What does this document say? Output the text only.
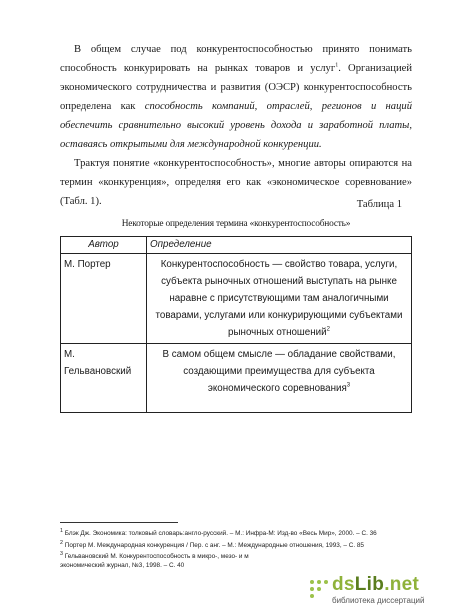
В общем случае под конкурентоспособностью принято понимать способность конкурировать на рынках товаров и услуг$^1$. Организацией экономического сотрудничества и развития (ОЭСР) конкурентоспособность определена как способность компаний, отраслей, регионов и наций обеспечить сравнительно высокий уровень дохода и заработной платы, оставаясь открытыми для международной конкуренции.
Трактуя понятие «конкурентоспособность», многие авторы опираются на термин «конкуренция», определяя его как «экономическое соревнование» (Табл. 1).	Таблица 1
Некоторые определения термина «конкурентоспособность»
Автор	Определение
М. Портер	Конкурентоспособность — свойство товара, услуги, субъекта рыночных отношений выступать на рынке наравне с присутствующими там аналогичными товарами, услугами или конкурирующими субъектами рыночных отношений$^2$
М. Гельвановский	В самом общем смысле — обладание свойствами, создающими преимущества для субъекта экономического соревнования$^3$
$^1$ Блэк Дж. Экономика: толковый словарь:англо-русский. – М.: Инфра-М: Изд-во «Весь Мир», 2000. – С. 36
$^2$ Портер М. Международная конкуренция / Пер. с анг. – М.: Международные отношения, 1993, – С. 85
$^3$ Гельвановский М. Конкурентоспособность в микро-, мезо- и м
экономический журнал, №3, 1998. – С. 40
dsLib.net
библиотека диссертаций
